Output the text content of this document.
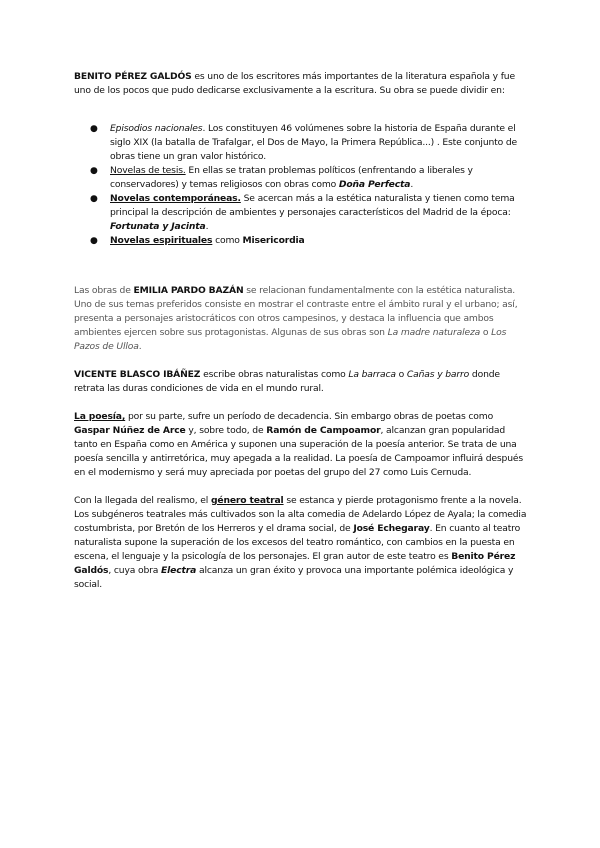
BENITO PÉREZ GALDÓS es uno de los escritores más importantes de la literatura española y fue uno de los pocos que pudo dedicarse exclusivamente a la escritura. Su obra se puede dividir en:

● Episodios nacionales. Los constituyen 46 volúmenes sobre la historia de España durante el siglo XIX (la batalla de Trafalgar, el Dos de Mayo, la Primera República...) . Este conjunto de obras tiene un gran valor histórico.
● Novelas de tesis. En ellas se tratan problemas políticos (enfrentando a liberales y conservadores) y temas religiosos con obras como Doña Perfecta.
● Novelas contemporáneas. Se acercan más a la estética naturalista y tienen como tema principal la descripción de ambientes y personajes característicos del Madrid de la época: Fortunata y Jacinta.
● Novelas espirituales como Misericordia

Las obras de EMILIA PARDO BAZÁN se relacionan fundamentalmente con la estética naturalista. Uno de sus temas preferidos consiste en mostrar el contraste entre el ámbito rural y el urbano; así, presenta a personajes aristocráticos con otros campesinos, y destaca la influencia que ambos ambientes ejercen sobre sus protagonistas. Algunas de sus obras son La madre naturaleza o Los Pazos de Ulloa.

VICENTE BLASCO IBÁÑEZ escribe obras naturalistas como La barraca o Cañas y barro donde retrata las duras condiciones de vida en el mundo rural.

La poesía, por su parte, sufre un período de decadencia. Sin embargo obras de poetas como Gaspar Núñez de Arce y, sobre todo, de Ramón de Campoamor, alcanzan gran popularidad tanto en España como en América y suponen una superación de la poesía anterior. Se trata de una poesía sencilla y antirretórica, muy apegada a la realidad. La poesía de Campoamor influirá después en el modernismo y será muy apreciada por poetas del grupo del 27 como Luis Cernuda.

Con la llegada del realismo, el género teatral se estanca y pierde protagonismo frente a la novela. Los subgéneros teatrales más cultivados son la alta comedia de Adelardo López de Ayala; la comedia costumbrista, por Bretón de los Herreros y el drama social, de José Echegaray. En cuanto al teatro naturalista supone la superación de los excesos del teatro romántico, con cambios en la puesta en escena, el lenguaje y la psicología de los personajes. El gran autor de este teatro es Benito Pérez Galdós, cuya obra Electra alcanza un gran éxito y provoca una importante polémica ideológica y social.
